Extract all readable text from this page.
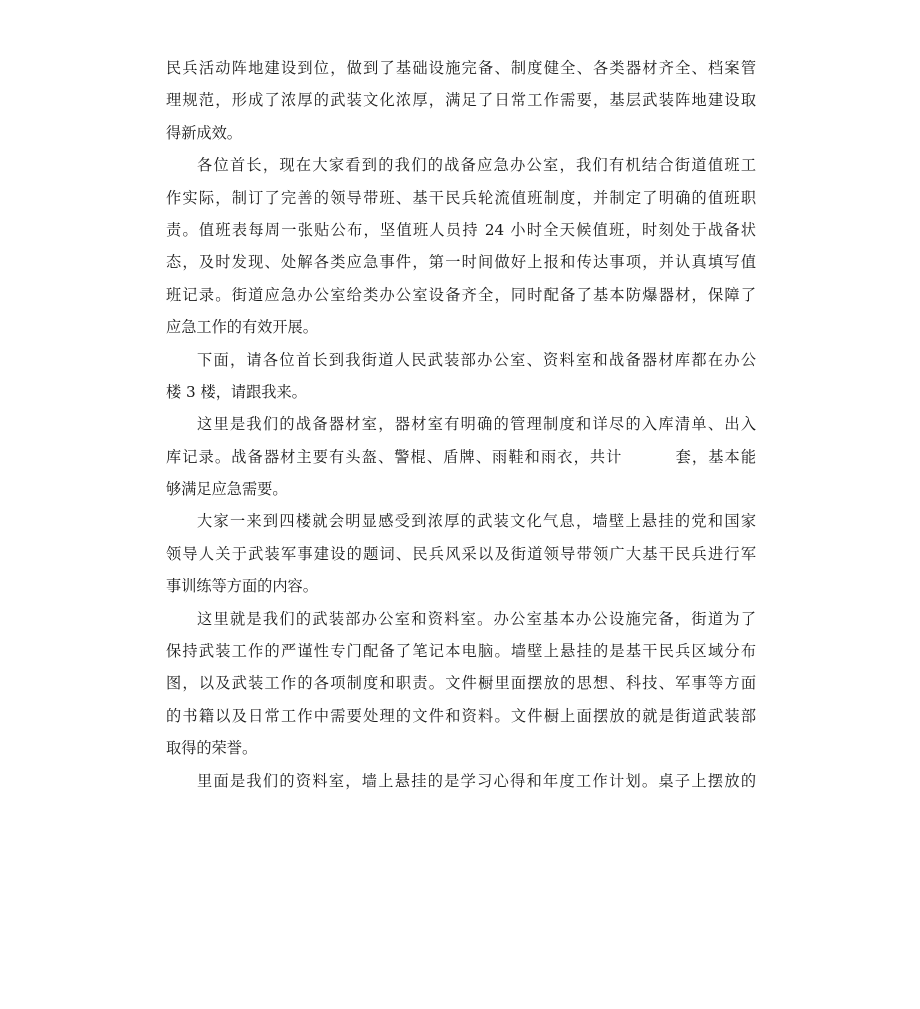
民兵活动阵地建设到位，做到了基础设施完备、制度健全、各类器材齐全、档案管
理规范，形成了浓厚的武装文化浓厚，满足了日常工作需要，基层武装阵地建设取
得新成效。
各位首长，现在大家看到的我们的战备应急办公室，我们有机结合街道值班工
作实际，制订了完善的领导带班、基干民兵轮流值班制度，并制定了明确的值班职
责。值班表每周一张贴公布，坚值班人员持 24 小时全天候值班，时刻处于战备状
态，及时发现、处解各类应急事件，第一时间做好上报和传达事项，并认真填写值
班记录。街道应急办公室给类办公室设备齐全，同时配备了基本防爆器材，保障了
应急工作的有效开展。
下面，请各位首长到我街道人民武装部办公室、资料室和战备器材库都在办公
楼 3 楼，请跟我来。
这里是我们的战备器材室，器材室有明确的管理制度和详尽的入库清单、出入
库记录。战备器材主要有头盔、警棍、盾牌、雨鞋和雨衣，共计	套，基本能
够满足应急需要。
大家一来到四楼就会明显感受到浓厚的武装文化气息，墙壁上悬挂的党和国家
领导人关于武装军事建设的题词、民兵风采以及街道领导带领广大基干民兵进行军
事训练等方面的内容。
这里就是我们的武装部办公室和资料室。办公室基本办公设施完备，街道为了
保持武装工作的严谨性专门配备了笔记本电脑。墙壁上悬挂的是基干民兵区域分布
图，以及武装工作的各项制度和职责。文件橱里面摆放的思想、科技、军事等方面
的书籍以及日常工作中需要处理的文件和资料。文件橱上面摆放的就是街道武装部
取得的荣誉。
里面是我们的资料室，墙上悬挂的是学习心得和年度工作计划。桌子上摆放的
